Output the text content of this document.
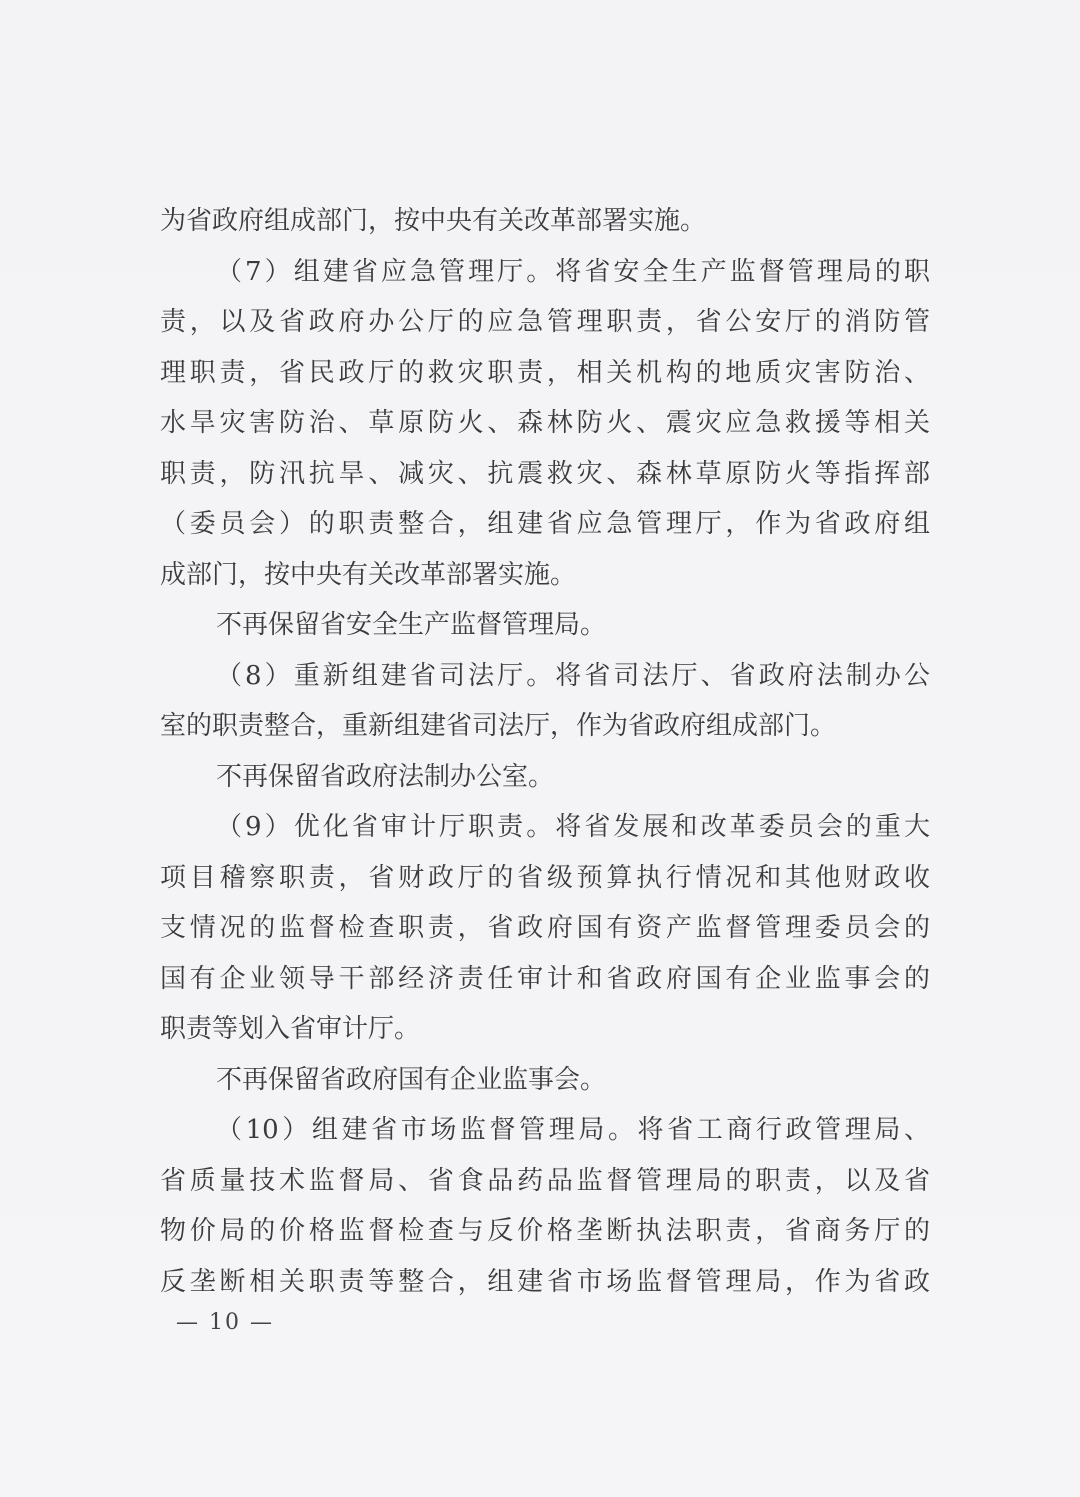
为省政府组成部门，按中央有关改革部署实施。
（7）组建省应急管理厅。将省安全生产监督管理局的职
责，以及省政府办公厅的应急管理职责，省公安厅的消防管
理职责，省民政厅的救灾职责，相关机构的地质灾害防治、
水旱灾害防治、草原防火、森林防火、震灾应急救援等相关
职责，防汛抗旱、减灾、抗震救灾、森林草原防火等指挥部
（委员会）的职责整合，组建省应急管理厅，作为省政府组
成部门，按中央有关改革部署实施。
不再保留省安全生产监督管理局。
（8）重新组建省司法厅。将省司法厅、省政府法制办公
室的职责整合，重新组建省司法厅，作为省政府组成部门。
不再保留省政府法制办公室。
（9）优化省审计厅职责。将省发展和改革委员会的重大
项目稽察职责，省财政厅的省级预算执行情况和其他财政收
支情况的监督检查职责，省政府国有资产监督管理委员会的
国有企业领导干部经济责任审计和省政府国有企业监事会的
职责等划入省审计厅。
不再保留省政府国有企业监事会。
（10）组建省市场监督管理局。将省工商行政管理局、
省质量技术监督局、省食品药品监督管理局的职责，以及省
物价局的价格监督检查与反价格垄断执法职责，省商务厅的
反垄断相关职责等整合，组建省市场监督管理局，作为省政
— 10 —
